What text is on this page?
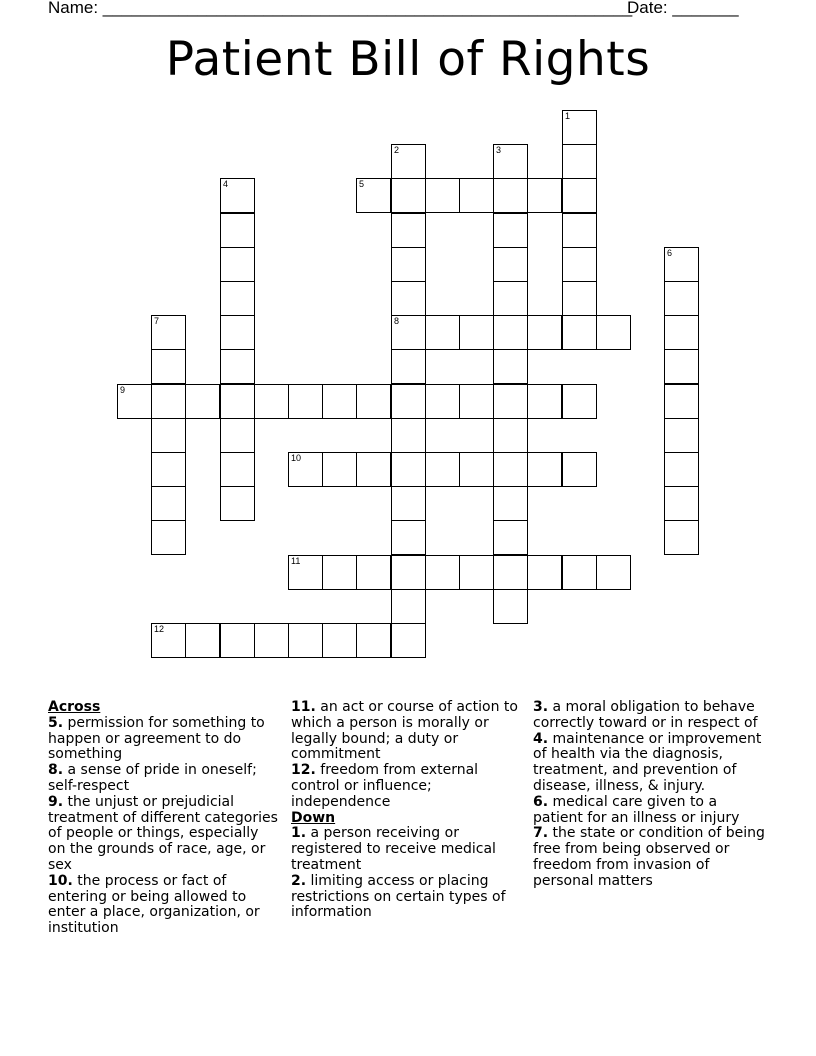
Name: ________________________________________________________
Date: _______
Patient Bill of Rights
1
2
8
3
4	5
6
7
9
10
11
12

Across

5. permission for something to happen or agreement to do something

8. a sense of pride in oneself; self-respect

9. the unjust or prejudicial treatment of different categories of people or things, especially on the grounds of race, age, or sex

10. the process or fact of entering or being allowed to enter a place, organization, or institution

11. an act or course of action to which a person is morally or legally bound; a duty or commitment

12. freedom from external control or influence; independence

Down

1. a person receiving or registered to receive medical treatment

2. limiting access or placing restrictions on certain types of information

3. a moral obligation to behave correctly toward or in respect of

4. maintenance or improvement of health via the diagnosis, treatment, and prevention of disease, illness, & injury.

6. medical care given to a patient for an illness or injury

7. the state or condition of being free from being observed or freedom from invasion of personal matters
